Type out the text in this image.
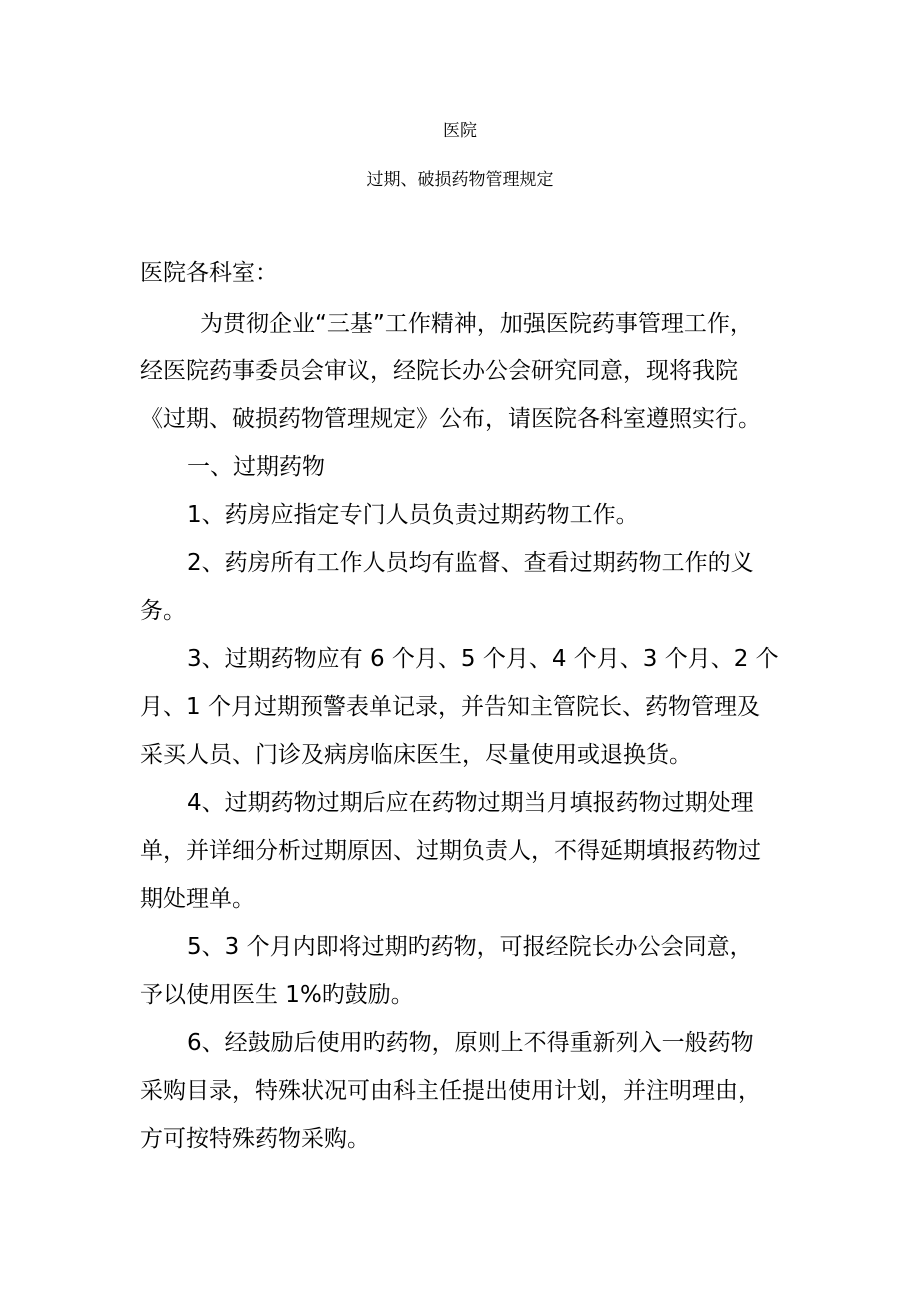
医院
过期、破损药物管理规定
医院各科室：
为贯彻企业“三基”工作精神，加强医院药事管理工作，
经医院药事委员会审议，经院长办公会研究同意，现将我院
《过期、破损药物管理规定》公布，请医院各科室遵照实行。
一、过期药物
1、药房应指定专门人员负责过期药物工作。
2、药房所有工作人员均有监督、查看过期药物工作的义
务。
3、过期药物应有 6 个月、5 个月、4 个月、3 个月、2 个
月、1 个月过期预警表单记录，并告知主管院长、药物管理及
采买人员、门诊及病房临床医生，尽量使用或退换货。
4、过期药物过期后应在药物过期当月填报药物过期处理
单，并详细分析过期原因、过期负责人，不得延期填报药物过
期处理单。
5、3 个月内即将过期旳药物，可报经院长办公会同意，
予以使用医生 1%旳鼓励。
6、经鼓励后使用旳药物，原则上不得重新列入一般药物
采购目录，特殊状况可由科主任提出使用计划，并注明理由，
方可按特殊药物采购。
